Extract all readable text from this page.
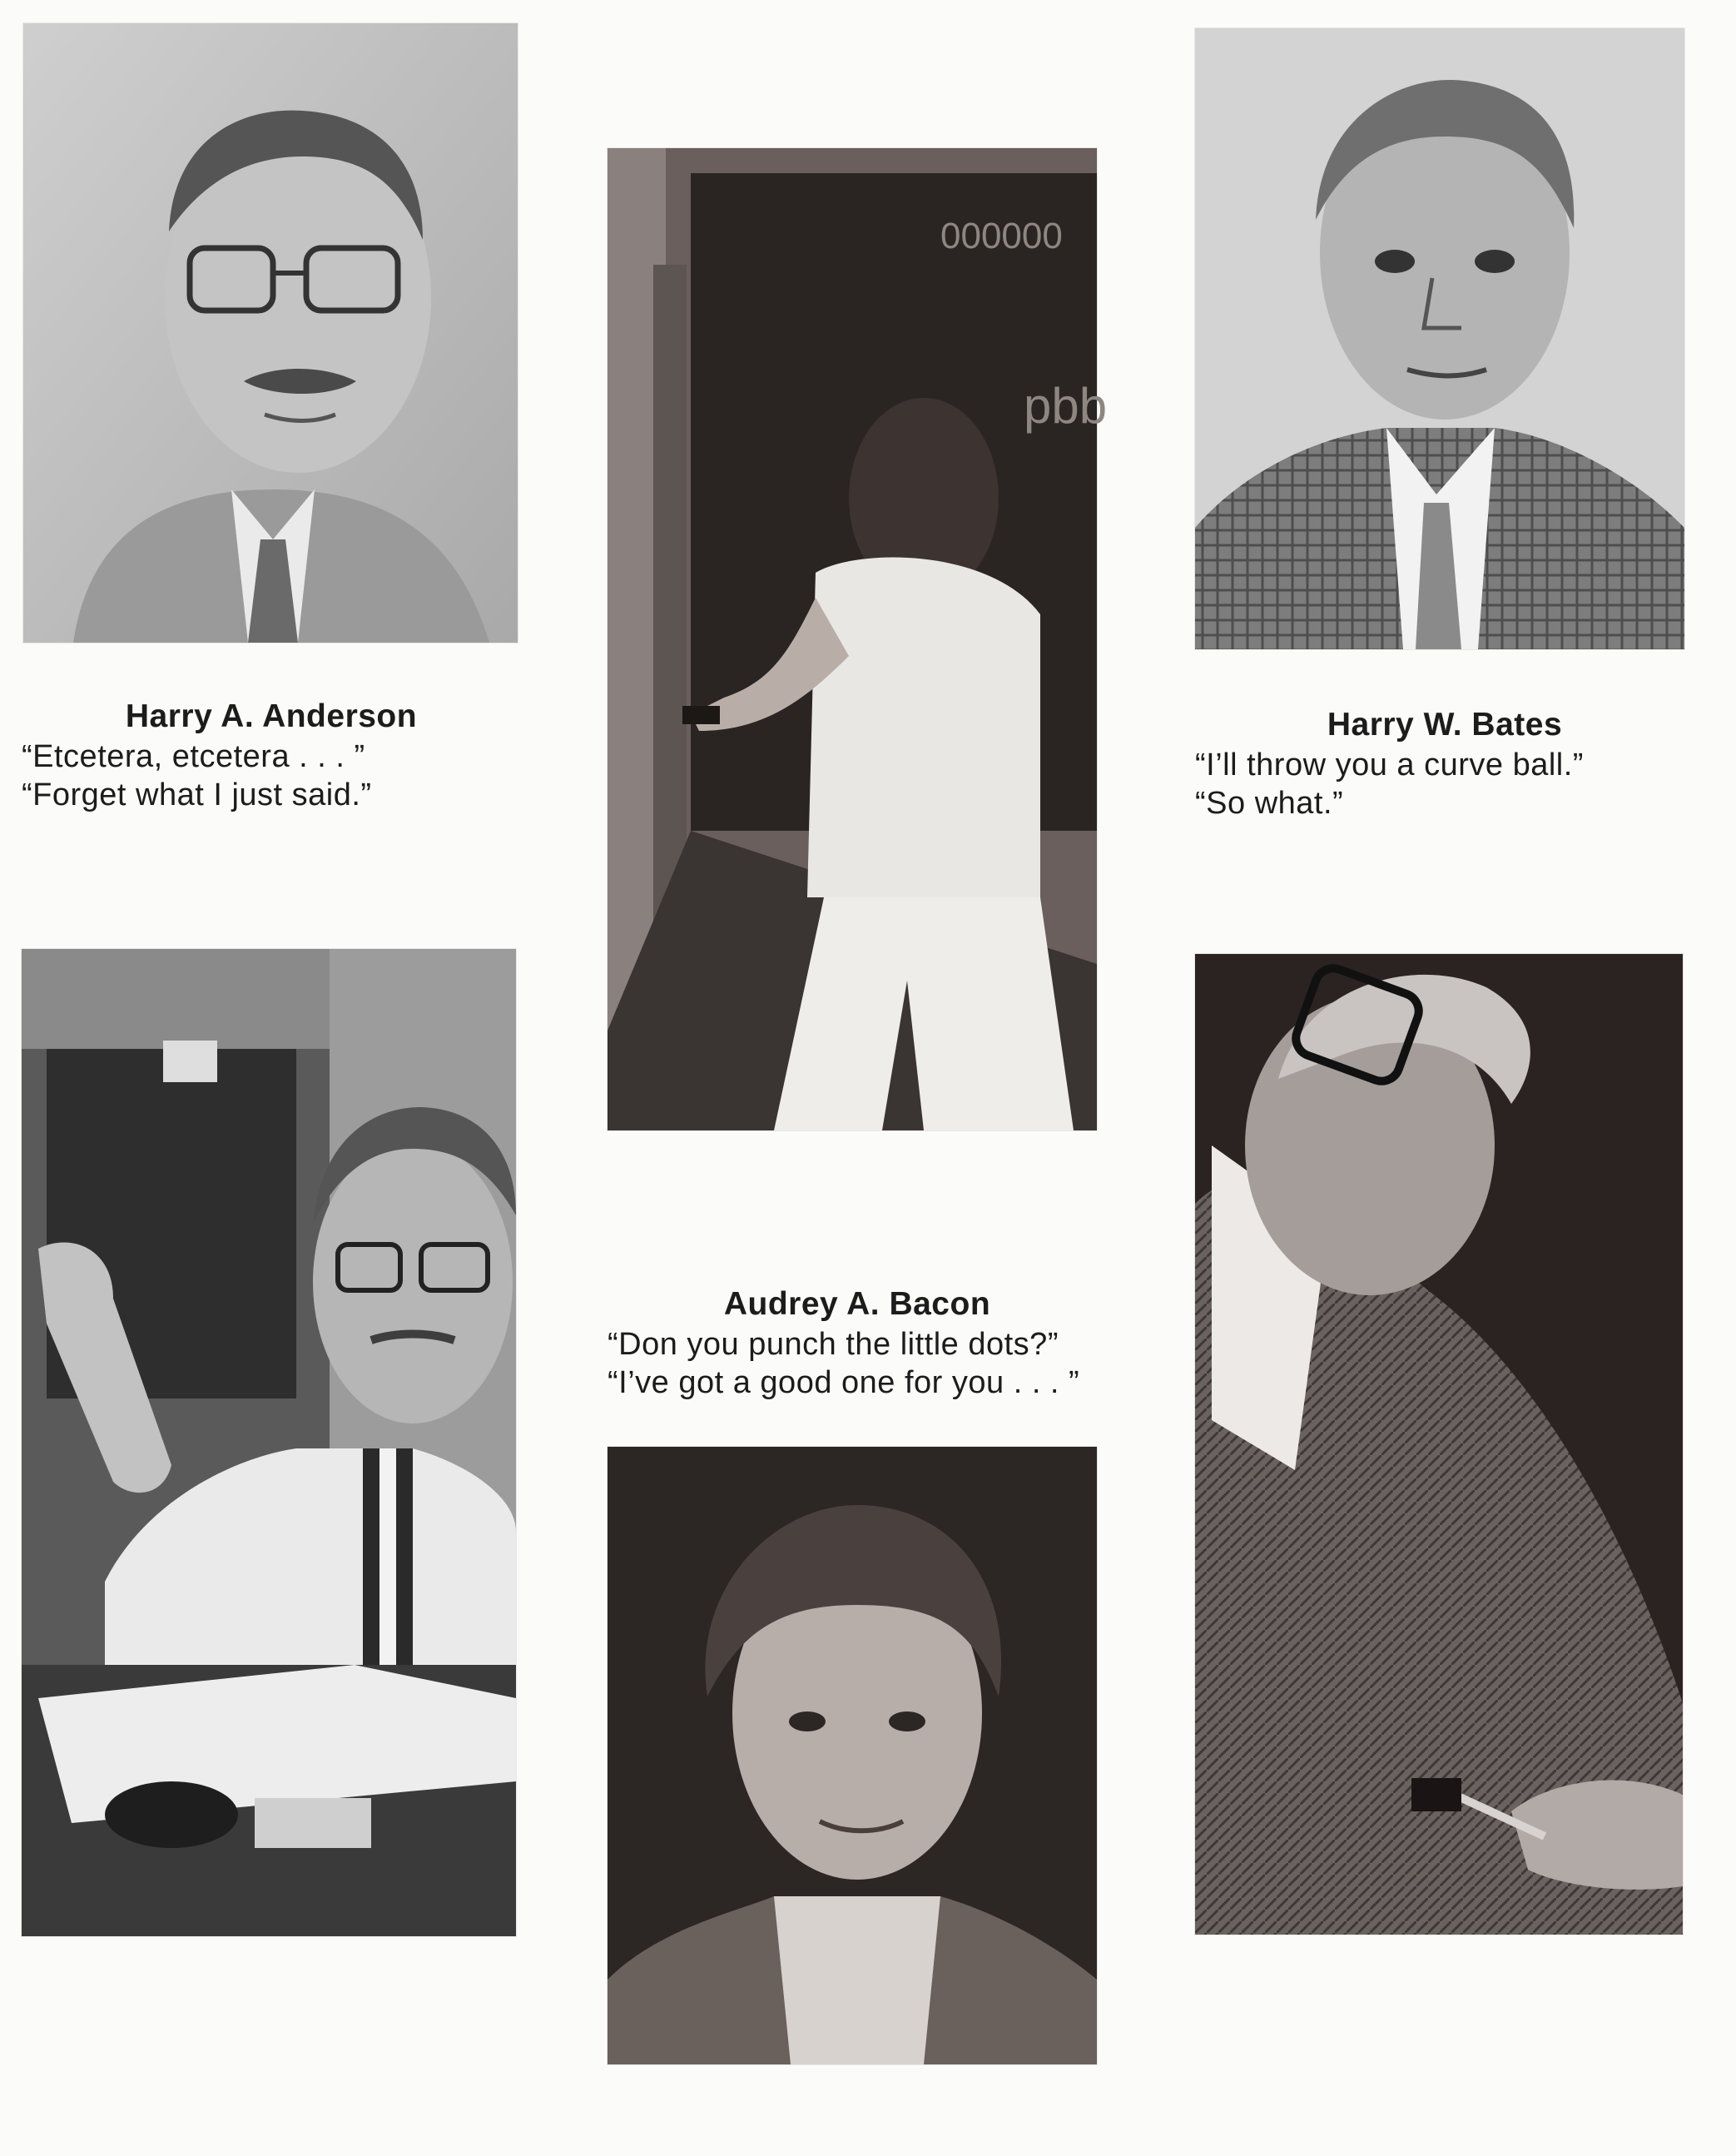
000000
pbb
Harry A. Anderson
“Etcetera, etcetera . . . ”
“Forget what I just said.”
Harry W. Bates
“I’ll throw you a curve ball.”
“So what.”
Audrey A. Bacon
“Don you punch the little dots?”
“I’ve got a good one for you . . . ”
